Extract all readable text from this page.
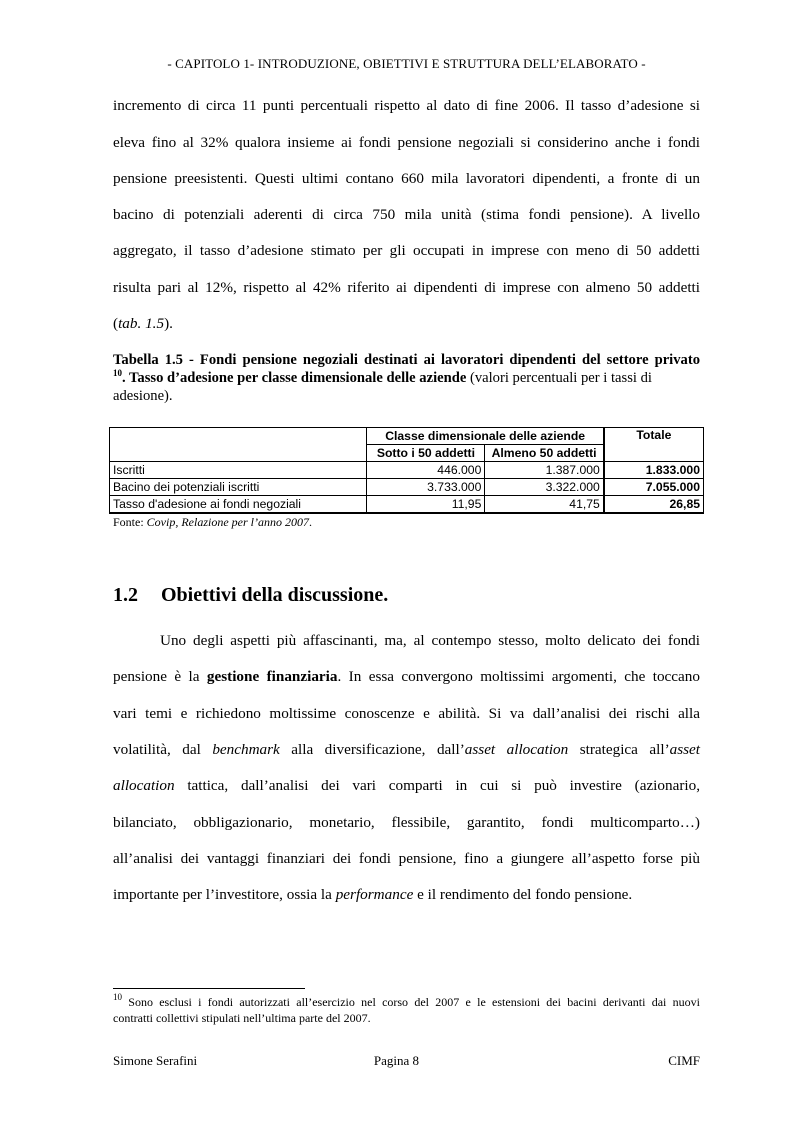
- CAPITOLO 1- INTRODUZIONE, OBIETTIVI E STRUTTURA DELL’ELABORATO -
incremento di circa 11 punti percentuali rispetto al dato di fine 2006. Il tasso d’adesione si
eleva fino al 32% qualora insieme ai fondi pensione negoziali si considerino anche i fondi
pensione preesistenti. Questi ultimi contano 660 mila lavoratori dipendenti, a fronte di un
bacino di potenziali aderenti di circa 750 mila unità (stima fondi pensione). A livello
aggregato, il tasso d’adesione stimato per gli occupati in imprese con meno di 50 addetti
risulta pari al 12%, rispetto al 42% riferito ai dipendenti di imprese con almeno 50 addetti
(tab. 1.5).
Tabella 1.5 - Fondi pensione negoziali destinati ai lavoratori dipendenti del settore privato
$^{10}$. Tasso d’adesione per classe dimensionale delle aziende (valori percentuali per i tassi di adesione).
	Classe dimensionale delle aziende		Totale
	Sotto i 50 addetti	Almeno 50 addetti	
Iscritti	446.000	1.387.000	1.833.000
Bacino dei potenziali iscritti	3.733.000	3.322.000	7.055.000
Tasso d'adesione ai fondi negoziali	11,95	41,75	26,85
Fonte: Covip, Relazione per l’anno 2007.
1.2 Obiettivi della discussione.
Uno degli aspetti più affascinanti, ma, al contempo stesso, molto delicato dei fondi
pensione è la gestione finanziaria. In essa convergono moltissimi argomenti, che toccano
vari temi e richiedono moltissime conoscenze e abilità. Si va dall’analisi dei rischi alla
volatilità, dal benchmark alla diversificazione, dall’asset allocation strategica all’asset
allocation tattica, dall’analisi dei vari comparti in cui si può investire (azionario,
bilanciato, obbligazionario, monetario, flessibile, garantito, fondi multicomparto…)
all’analisi dei vantaggi finanziari dei fondi pensione, fino a giungere all’aspetto forse più
importante per l’investitore, ossia la performance e il rendimento del fondo pensione.
$^{10}$ Sono esclusi i fondi autorizzati all’esercizio nel corso del 2007 e le estensioni dei bacini derivanti dai nuovi
contratti collettivi stipulati nell’ultima parte del 2007.
Simone Serafini	Pagina 8	CIMF
